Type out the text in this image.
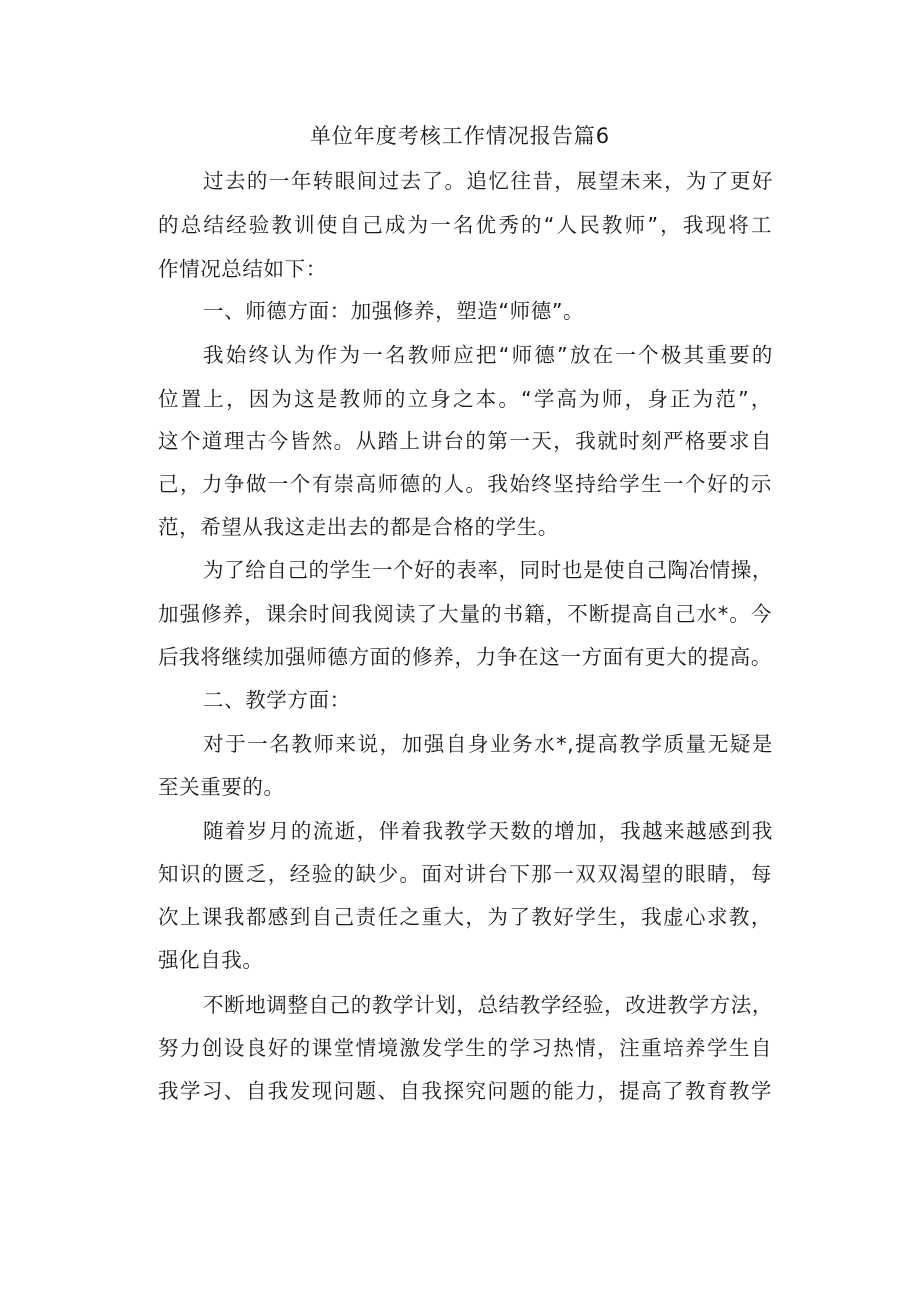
单位年度考核工作情况报告篇6

过去的一年转眼间过去了。追忆往昔，展望未来，为了更好

的总结经验教训使自己成为一名优秀的“人民教师”，我现将工

作情况总结如下：

一、师德方面：加强修养，塑造“师德”。

我始终认为作为一名教师应把“师德”放在一个极其重要的

位置上，因为这是教师的立身之本。“学高为师，身正为范”，

这个道理古今皆然。从踏上讲台的第一天，我就时刻严格要求自

己，力争做一个有崇高师德的人。我始终坚持给学生一个好的示

范，希望从我这走出去的都是合格的学生。

为了给自己的学生一个好的表率，同时也是使自己陶冶情操，

加强修养，课余时间我阅读了大量的书籍，不断提高自己水*。今

后我将继续加强师德方面的修养，力争在这一方面有更大的提高。

二、教学方面：

对于一名教师来说，加强自身业务水*,提高教学质量无疑是

至关重要的。

随着岁月的流逝，伴着我教学天数的增加，我越来越感到我

知识的匮乏，经验的缺少。面对讲台下那一双双渴望的眼睛，每

次上课我都感到自己责任之重大，为了教好学生，我虚心求教，

强化自我。

不断地调整自己的教学计划，总结教学经验，改进教学方法，

努力创设良好的课堂情境激发学生的学习热情，注重培养学生自

我学习、自我发现问题、自我探究问题的能力，提高了教育教学
